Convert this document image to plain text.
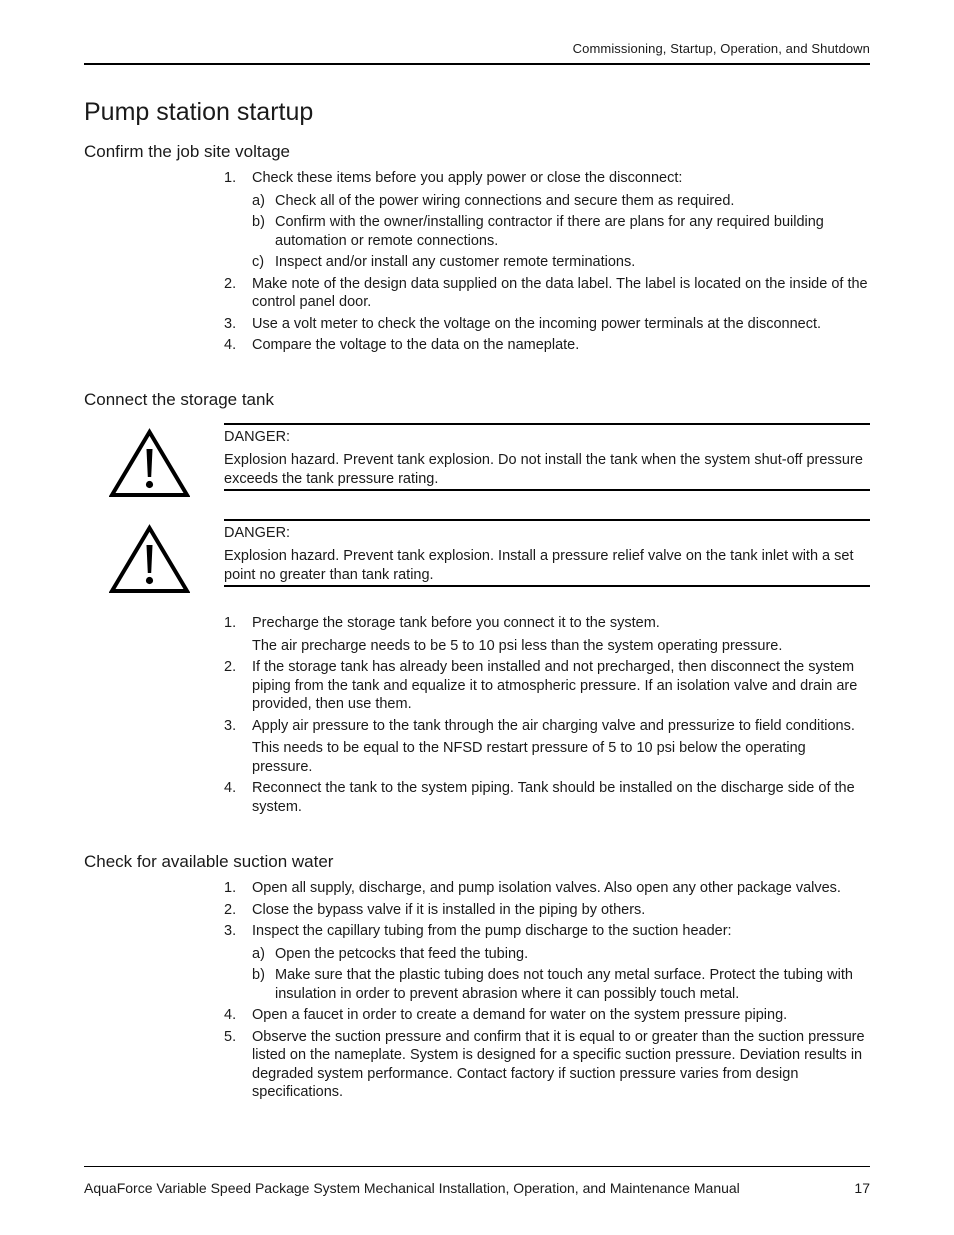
Commissioning, Startup, Operation, and Shutdown
Pump station startup
Confirm the job site voltage
1. Check these items before you apply power or close the disconnect:

a) Check all of the power wiring connections and secure them as required.
b) Confirm with the owner/installing contractor if there are plans for any required building automation or remote connections.
c) Inspect and/or install any customer remote terminations.
2. Make note of the design data supplied on the data label. The label is located on the inside of the control panel door.

3. Use a volt meter to check the voltage on the incoming power terminals at the disconnect.

4. Compare the voltage to the data on the nameplate.

Connect the storage tank
DANGER:
Explosion hazard. Prevent tank explosion. Do not install the tank when the system shut-off pressure exceeds the tank pressure rating.
DANGER:
Explosion hazard. Prevent tank explosion. Install a pressure relief valve on the tank inlet with a set point no greater than tank rating.
1. Precharge the storage tank before you connect it to the system.

The air precharge needs to be 5 to 10 psi less than the system operating pressure.

2. If the storage tank has already been installed and not precharged, then disconnect the system piping from the tank and equalize it to atmospheric pressure. If an isolation valve and drain are provided, then use them.

3. Apply air pressure to the tank through the air charging valve and pressurize to field conditions.

This needs to be equal to the NFSD restart pressure of 5 to 10 psi below the operating pressure.

4. Reconnect the tank to the system piping. Tank should be installed on the discharge side of the system.

Check for available suction water
1. Open all supply, discharge, and pump isolation valves. Also open any other package valves.

2. Close the bypass valve if it is installed in the piping by others.

3. Inspect the capillary tubing from the pump discharge to the suction header:

a) Open the petcocks that feed the tubing.
b) Make sure that the plastic tubing does not touch any metal surface. Protect the tubing with insulation in order to prevent abrasion where it can possibly touch metal.
4. Open a faucet in order to create a demand for water on the system pressure piping.

5. Observe the suction pressure and confirm that it is equal to or greater than the suction pressure listed on the nameplate. System is designed for a specific suction pressure. Deviation results in degraded system performance. Contact factory if suction pressure varies from design specifications.

AquaForce Variable Speed Package System Mechanical Installation, Operation, and Maintenance Manual	17
